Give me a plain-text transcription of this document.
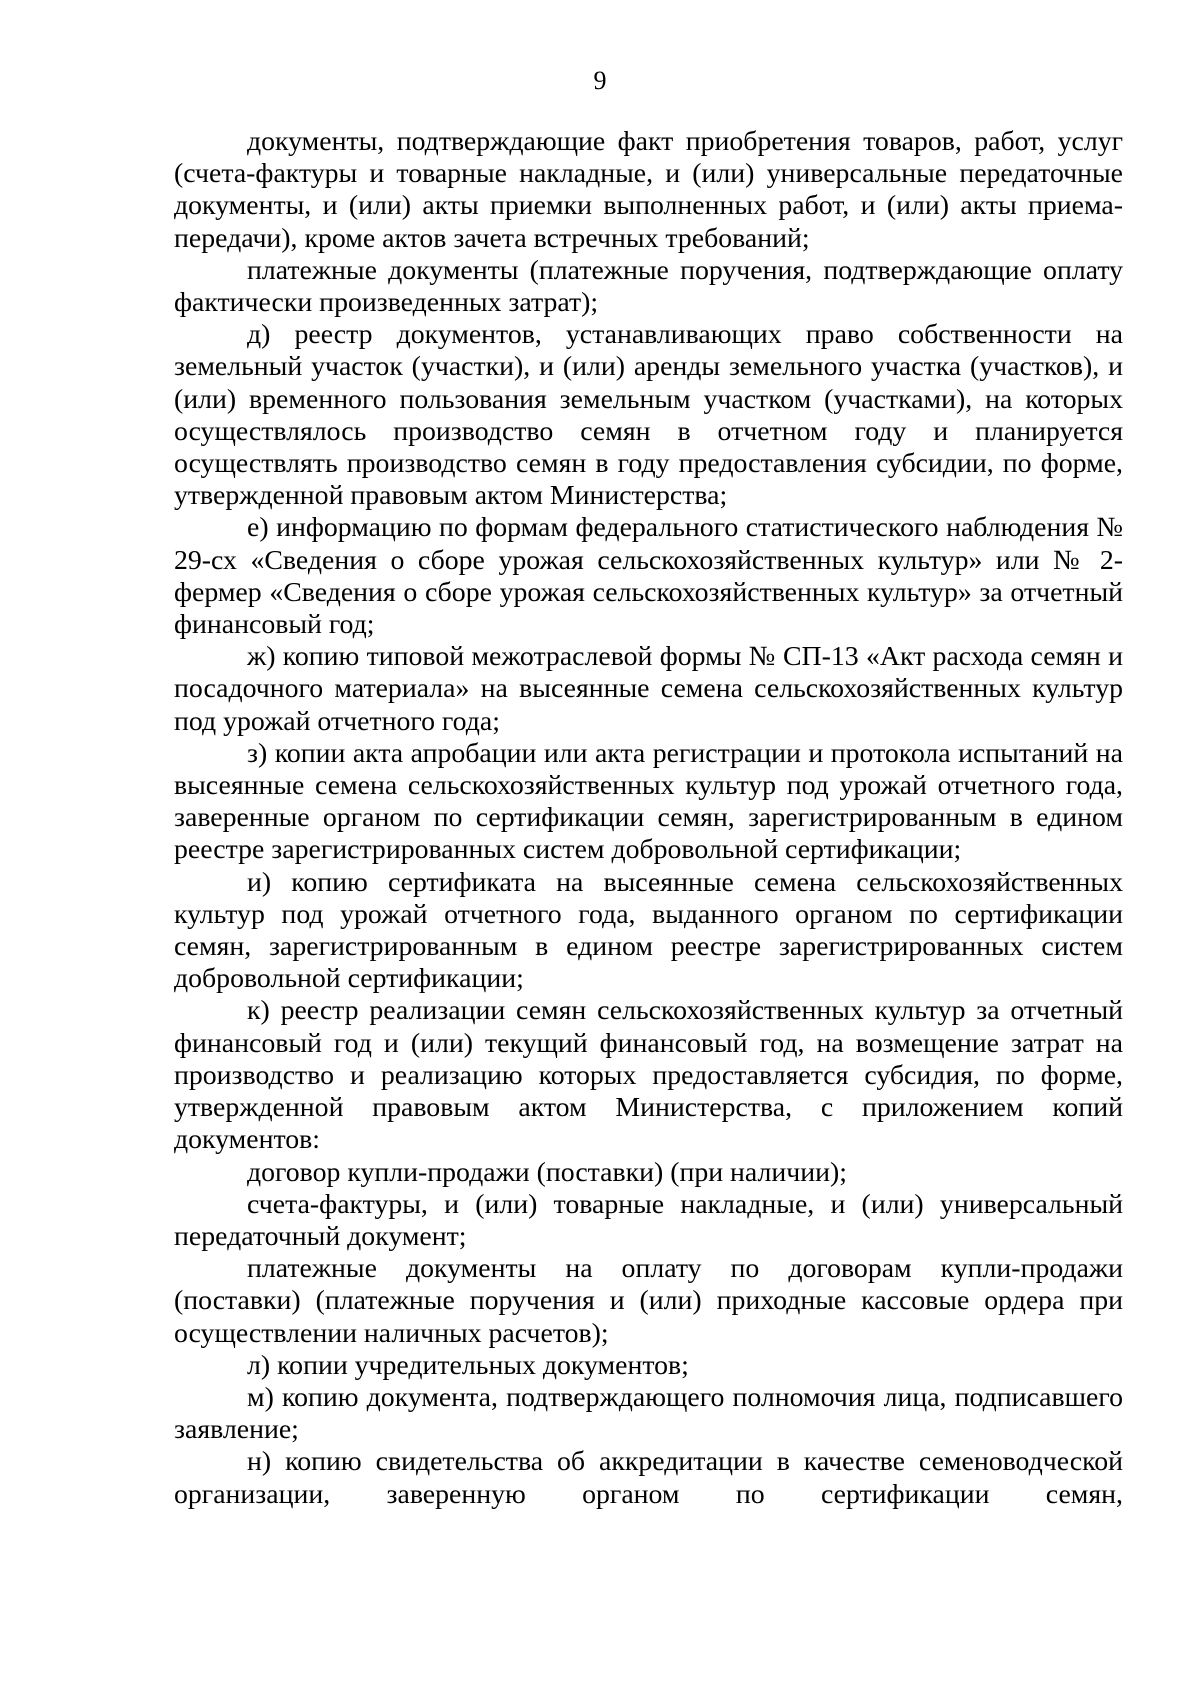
9

документы, подтверждающие факт приобретения товаров, работ, услуг (счета-фактуры и товарные накладные, и (или) универсальные передаточные документы, и (или) акты приемки выполненных работ, и (или) акты приема-передачи), кроме актов зачета встречных требований;

платежные документы (платежные поручения, подтверждающие оплату фактически произведенных затрат);

д) реестр документов, устанавливающих право собственности на земельный участок (участки), и (или) аренды земельного участка (участков), и (или) временного пользования земельным участком (участками), на которых осуществлялось производство семян в отчетном году и планируется осуществлять производство семян в году предоставления субсидии, по форме, утвержденной правовым актом Министерства;

е) информацию по формам федерального статистического наблюдения № 29-сх «Сведения о сборе урожая сельскохозяйственных культур» или № 2-фермер «Сведения о сборе урожая сельскохозяйственных культур» за отчетный финансовый год;

ж) копию типовой межотраслевой формы № СП-13 «Акт расхода семян и посадочного материала» на высеянные семена сельскохозяйственных культур под урожай отчетного года;

з) копии акта апробации или акта регистрации и протокола испытаний на высеянные семена сельскохозяйственных культур под урожай отчетного года, заверенные органом по сертификации семян, зарегистрированным в едином реестре зарегистрированных систем добровольной сертификации;

и) копию сертификата на высеянные семена сельскохозяйственных культур под урожай отчетного года, выданного органом по сертификации семян, зарегистрированным в едином реестре зарегистрированных систем добровольной сертификации;

к) реестр реализации семян сельскохозяйственных культур за отчетный финансовый год и (или) текущий финансовый год, на возмещение затрат на производство и реализацию которых предоставляется субсидия, по форме, утвержденной правовым актом Министерства, с приложением копий документов:

договор купли-продажи (поставки) (при наличии);

счета-фактуры, и (или) товарные накладные, и (или) универсальный передаточный документ;

платежные документы на оплату по договорам купли-продажи (поставки) (платежные поручения и (или) приходные кассовые ордера при осуществлении наличных расчетов);

л) копии учредительных документов;

м) копию документа, подтверждающего полномочия лица, подписавшего заявление;

н) копию свидетельства об аккредитации в качестве семеноводческой организации, заверенную органом по сертификации семян,
